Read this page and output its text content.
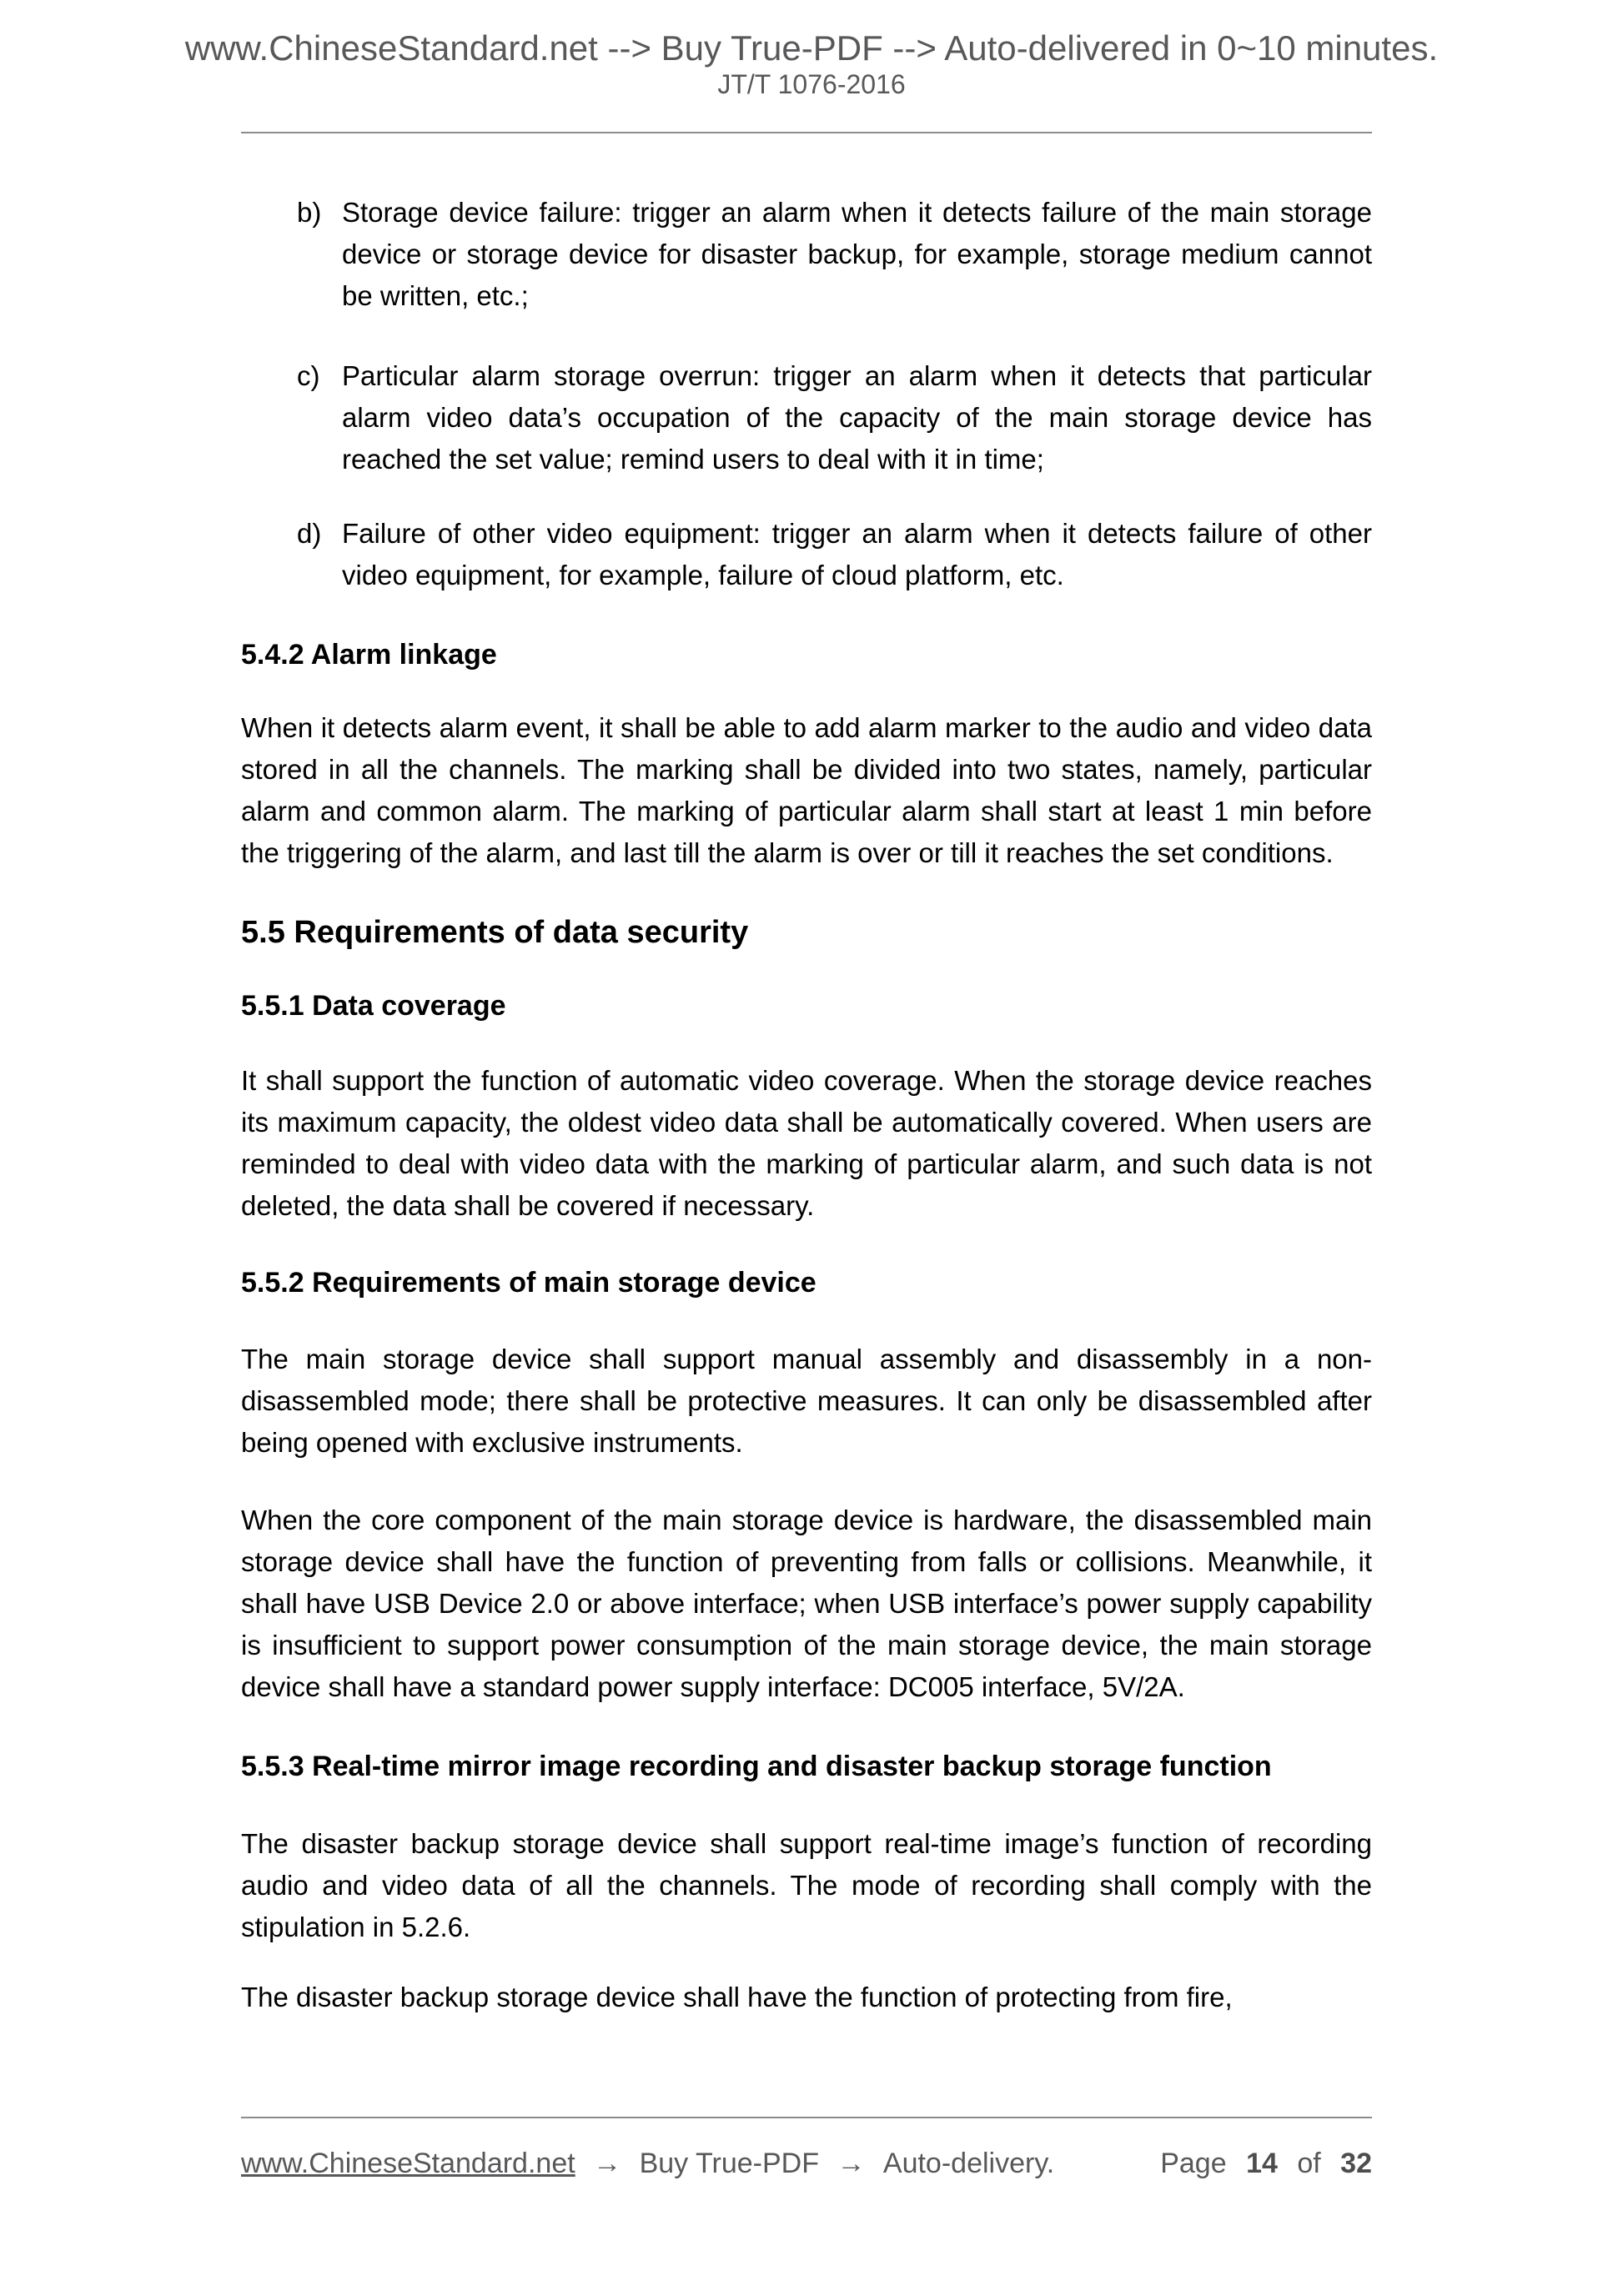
www.ChineseStandard.net --> Buy True-PDF --> Auto-delivered in 0~10 minutes.
JT/T 1076-2016
b) Storage device failure: trigger an alarm when it detects failure of the main storage device or storage device for disaster backup, for example, storage medium cannot be written, etc.;
c) Particular alarm storage overrun: trigger an alarm when it detects that particular alarm video data’s occupation of the capacity of the main storage device has reached the set value; remind users to deal with it in time;
d) Failure of other video equipment: trigger an alarm when it detects failure of other video equipment, for example, failure of cloud platform, etc.
5.4.2 Alarm linkage

When it detects alarm event, it shall be able to add alarm marker to the audio and video data stored in all the channels. The marking shall be divided into two states, namely, particular alarm and common alarm. The marking of particular alarm shall start at least 1 min before the triggering of the alarm, and last till the alarm is over or till it reaches the set conditions.

5.5 Requirements of data security
5.5.1 Data coverage

It shall support the function of automatic video coverage. When the storage device reaches its maximum capacity, the oldest video data shall be automatically covered. When users are reminded to deal with video data with the marking of particular alarm, and such data is not deleted, the data shall be covered if necessary.

5.5.2 Requirements of main storage device

The main storage device shall support manual assembly and disassembly in a non-disassembled mode; there shall be protective measures. It can only be disassembled after being opened with exclusive instruments.

When the core component of the main storage device is hardware, the disassembled main storage device shall have the function of preventing from falls or collisions. Meanwhile, it shall have USB Device 2.0 or above interface; when USB interface’s power supply capability is insufficient to support power consumption of the main storage device, the main storage device shall have a standard power supply interface: DC005 interface, 5V/2A.

5.5.3 Real-time mirror image recording and disaster backup storage function

The disaster backup storage device shall support real-time image’s function of recording audio and video data of all the channels. The mode of recording shall comply with the stipulation in 5.2.6.

The disaster backup storage device shall have the function of protecting from fire,

www.ChineseStandard.net → Buy True-PDF → Auto-delivery.	Page 14 of 32
